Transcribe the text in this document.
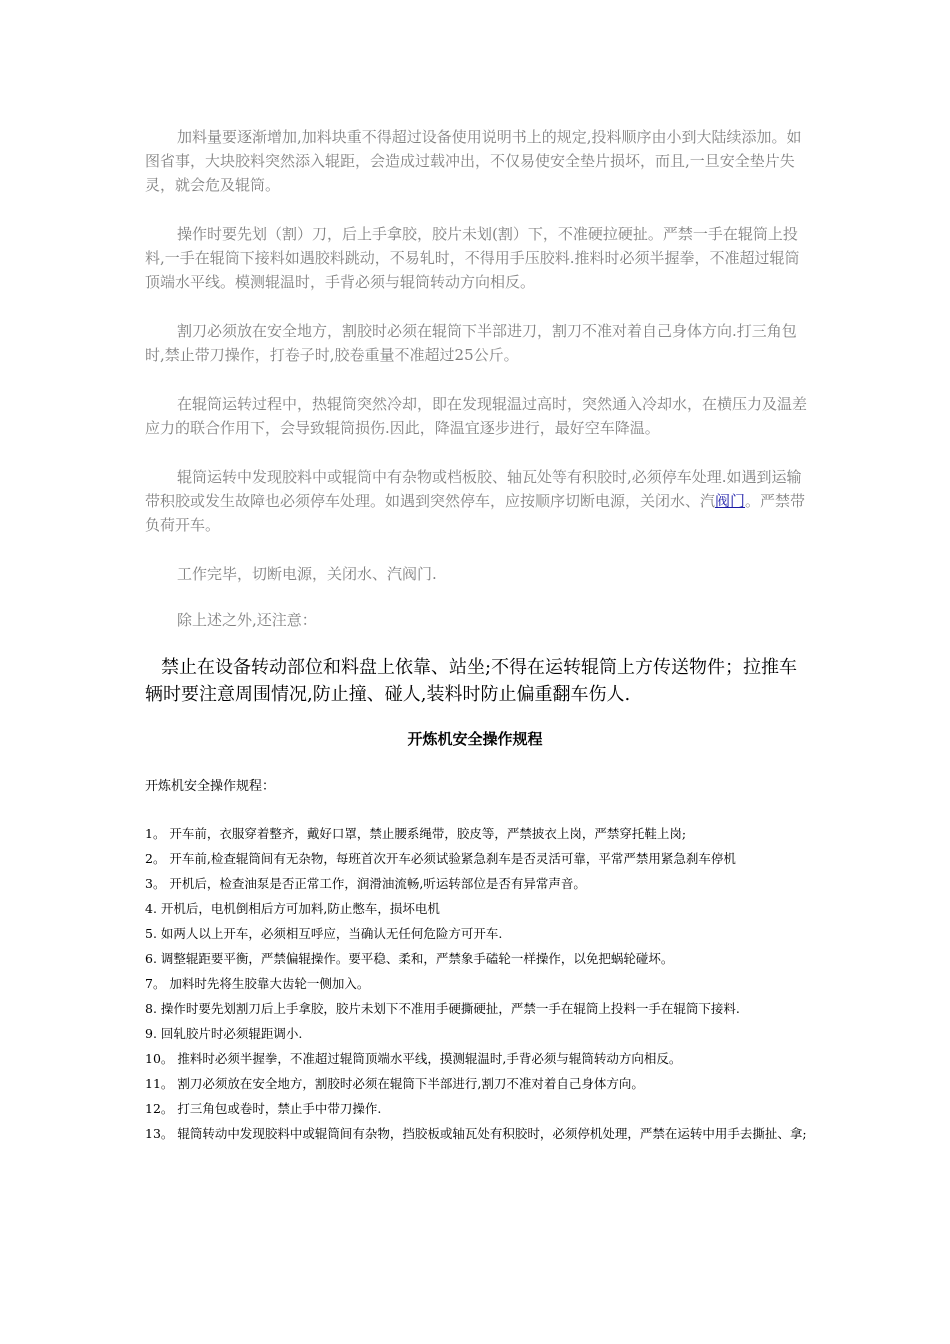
加料量要逐渐增加,加料块重不得超过设备使用说明书上的规定,投料顺序由小到大陆续添加。如图省事，大块胶料突然添入辊距，会造成过载冲出，不仅易使安全垫片损坏，而且,一旦安全垫片失灵，就会危及辊筒。
操作时要先划（割）刀，后上手拿胶，胶片未划(割）下，不准硬拉硬扯。严禁一手在辊筒上投料,一手在辊筒下接料如遇胶料跳动，不易轧时，不得用手压胶料.推料时必须半握拳，不准超过辊筒顶端水平线。模测辊温时，手背必须与辊筒转动方向相反。
割刀必须放在安全地方，割胶时必须在辊筒下半部进刀，割刀不准对着自己身体方向.打三角包时,禁止带刀操作，打卷子时,胶卷重量不准超过25公斤。
在辊筒运转过程中，热辊筒突然冷却，即在发现辊温过高时，突然通入冷却水，在横压力及温差应力的联合作用下，会导致辊筒损伤.因此，降温宜逐步进行，最好空车降温。
辊筒运转中发现胶料中或辊筒中有杂物或档板胶、轴瓦处等有积胶时,必须停车处理.如遇到运输带积胶或发生故障也必须停车处理。如遇到突然停车，应按顺序切断电源，关闭水、汽阀门。严禁带负荷开车。
工作完毕，切断电源，关闭水、汽阀门.
除上述之外,还注意：
禁止在设备转动部位和料盘上依靠、站坐;不得在运转辊筒上方传送物件；拉推车辆时要注意周围情况,防止撞、碰人,装料时防止偏重翻车伤人.
开炼机安全操作规程
开炼机安全操作规程：
1。 开车前，衣服穿着整齐，戴好口罩，禁止腰系绳带，胶皮等，严禁披衣上岗，严禁穿托鞋上岗;
2。 开车前,检查辊筒间有无杂物，每班首次开车必须试验紧急刹车是否灵活可靠，平常严禁用紧急刹车停机
3。 开机后，检查油泵是否正常工作，润滑油流畅,听运转部位是否有异常声音。
4. 开机后，电机倒相后方可加料,防止憋车，损坏电机
5. 如两人以上开车，必须相互呼应，当确认无任何危险方可开车.
6. 调整辊距要平衡，严禁偏辊操作。要平稳、柔和，严禁象手磕轮一样操作，以免把蜗轮碰坏。
7。 加料时先将生胶靠大齿轮一侧加入。
8. 操作时要先划割刀后上手拿胶，胶片未划下不准用手硬撕硬扯，严禁一手在辊筒上投料一手在辊筒下接料.
9. 回轧胶片时必须辊距调小.
10。 推料时必须半握拳，不准超过辊筒顶端水平线，摸测辊温时,手背必须与辊筒转动方向相反。
11。 割刀必须放在安全地方，割胶时必须在辊筒下半部进行,割刀不准对着自己身体方向。
12。 打三角包或卷时，禁止手中带刀操作.
13。 辊筒转动中发现胶料中或辊筒间有杂物，挡胶板或轴瓦处有积胶时，必须停机处理，严禁在运转中用手去撕扯、拿;
